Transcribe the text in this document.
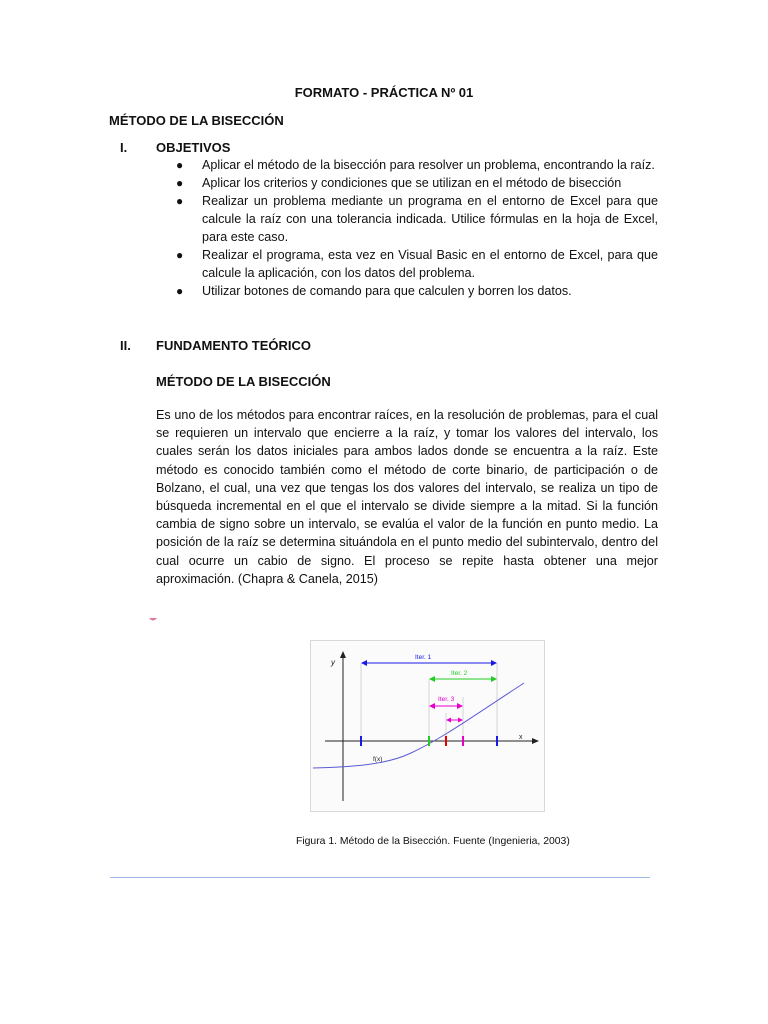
FORMATO - PRÁCTICA Nº 01
MÉTODO DE LA BISECCIÓN
I. OBJETIVOS
● Aplicar el método de la bisección para resolver un problema, encontrando la raíz.
● Aplicar los criterios y condiciones que se utilizan en el método de bisección
● Realizar un problema mediante un programa en el entorno de Excel para que calcule la raíz con una tolerancia indicada. Utilice fórmulas en la hoja de Excel, para este caso.
● Realizar el programa, esta vez en Visual Basic en el entorno de Excel, para que calcule la aplicación, con los datos del problema.
● Utilizar botones de comando para que calculen y borren los datos.
II. FUNDAMENTO TEÓRICO
MÉTODO DE LA BISECCIÓN

Es uno de los métodos para encontrar raíces, en la resolución de problemas, para el cual se requieren un intervalo que encierre a la raíz, y tomar los valores del intervalo, los cuales serán los datos iniciales para ambos lados donde se encuentra a la raíz. Este método es conocido también como el método de corte binario, de participación o de Bolzano, el cual, una vez que tengas los dos valores del intervalo, se realiza un tipo de búsqueda incremental en el que el intervalo se divide siempre a la mitad. Si la función cambia de signo sobre un intervalo, se evalúa el valor de la función en punto medio. La posición de la raíz se determina situándola en el punto medio del subintervalo, dentro del cual ocurre un cabio de signo. El proceso se repite hasta obtener una mejor aproximación. (Chapra & Canela, 2015)

y
x
f(x)
Iter. 1
Iter. 2
Iter. 3
Figura 1. Método de la Bisección. Fuente (Ingenieria, 2003)
